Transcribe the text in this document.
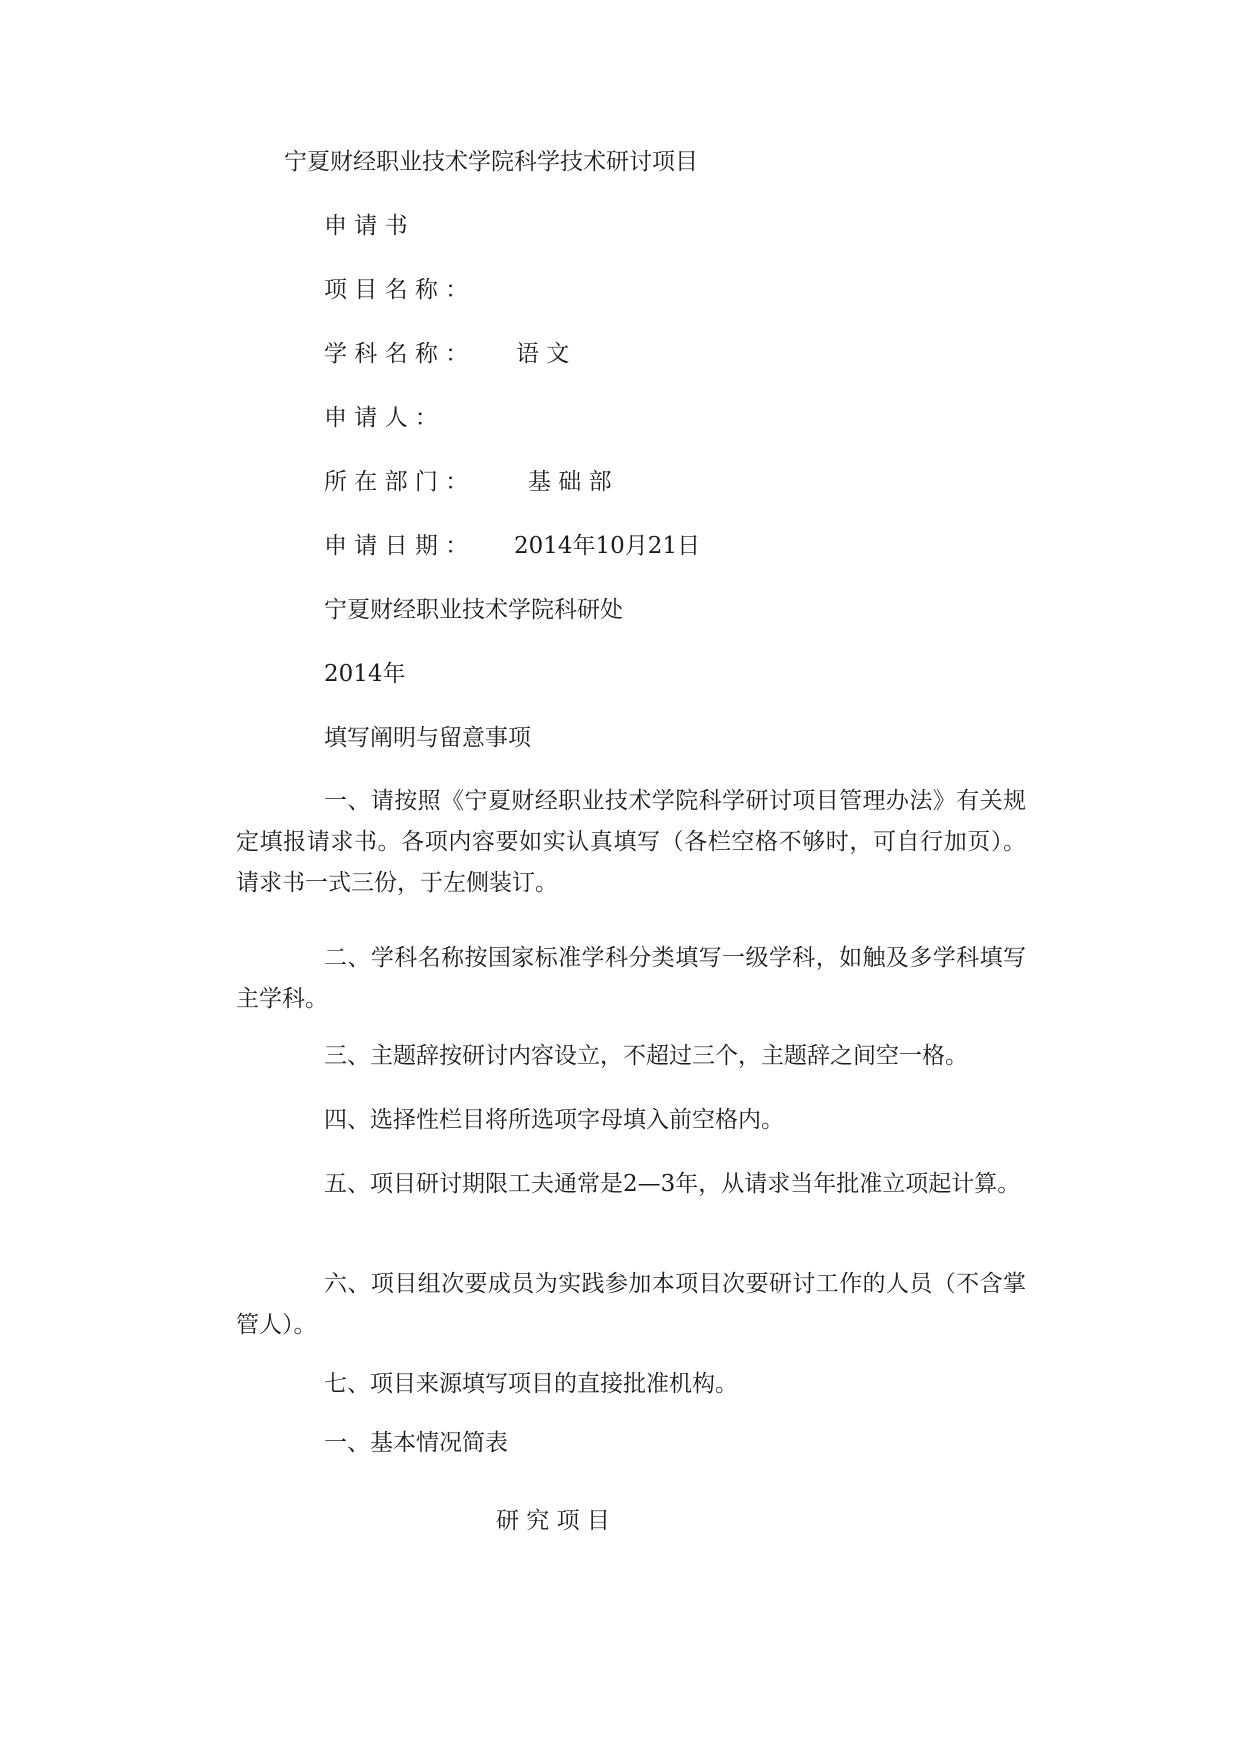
宁夏财经职业技术学院科学技术研讨项目
申 请 书
项 目 名 称 ：
学 科 名 称 ： 语 文
申 请 人 ：
所 在 部 门 ：	基 础 部
申 请 日 期 ： 2014年10月21日
宁夏财经职业技术学院科研处
2014年
填写阐明与留意事项
一、请按照《宁夏财经职业技术学院科学研讨项目管理办法》有关规定填报请求书。各项内容要如实认真填写（各栏空格不够时，可自行加页）。请求书一式三份，于左侧装订。
二、学科名称按国家标准学科分类填写一级学科，如触及多学科填写主学科。
三、主题辞按研讨内容设立，不超过三个，主题辞之间空一格。
四、选择性栏目将所选项字母填入前空格内。
五、项目研讨期限工夫通常是2—3年，从请求当年批准立项起计算。
六、项目组次要成员为实践参加本项目次要研讨工作的人员（不含掌管人）。
七、项目来源填写项目的直接批准机构。
一、基本情况简表
研 究 项 目
